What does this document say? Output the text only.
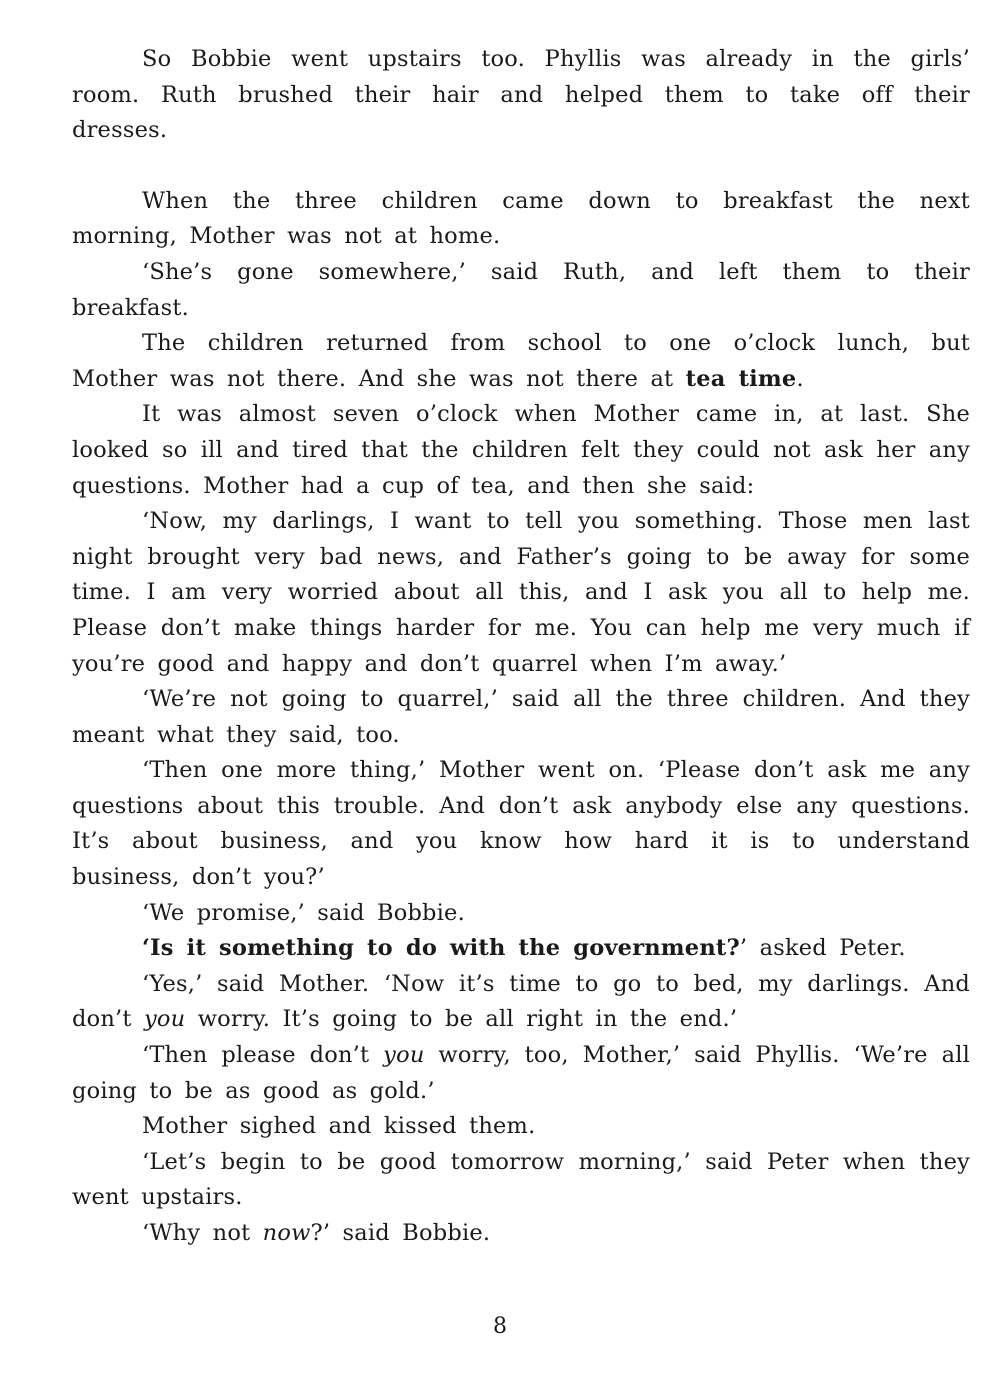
So Bobbie went upstairs too. Phyllis was already in the girls’ room. Ruth brushed their hair and helped them to take off their dresses.

When the three children came down to breakfast the next morning, Mother was not at home.

‘She’s gone somewhere,’ said Ruth, and left them to their breakfast.

The children returned from school to one o’clock lunch, but Mother was not there. And she was not there at tea time.

It was almost seven o’clock when Mother came in, at last. She looked so ill and tired that the children felt they could not ask her any questions. Mother had a cup of tea, and then she said:

‘Now, my darlings, I want to tell you something. Those men last night brought very bad news, and Father’s going to be away for some time. I am very worried about all this, and I ask you all to help me. Please don’t make things harder for me. You can help me very much if you’re good and happy and don’t quarrel when I’m away.’

‘We’re not going to quarrel,’ said all the three children. And they meant what they said, too.

‘Then one more thing,’ Mother went on. ‘Please don’t ask me any questions about this trouble. And don’t ask anybody else any questions. It’s about business, and you know how hard it is to understand business, don’t you?’

‘We promise,’ said Bobbie.

‘Is it something to do with the government?’ asked Peter.

‘Yes,’ said Mother. ‘Now it’s time to go to bed, my darlings. And don’t you worry. It’s going to be all right in the end.’

‘Then please don’t you worry, too, Mother,’ said Phyllis. ‘We’re all going to be as good as gold.’

Mother sighed and kissed them.

‘Let’s begin to be good tomorrow morning,’ said Peter when they went upstairs.

‘Why not now?’ said Bobbie.

8
